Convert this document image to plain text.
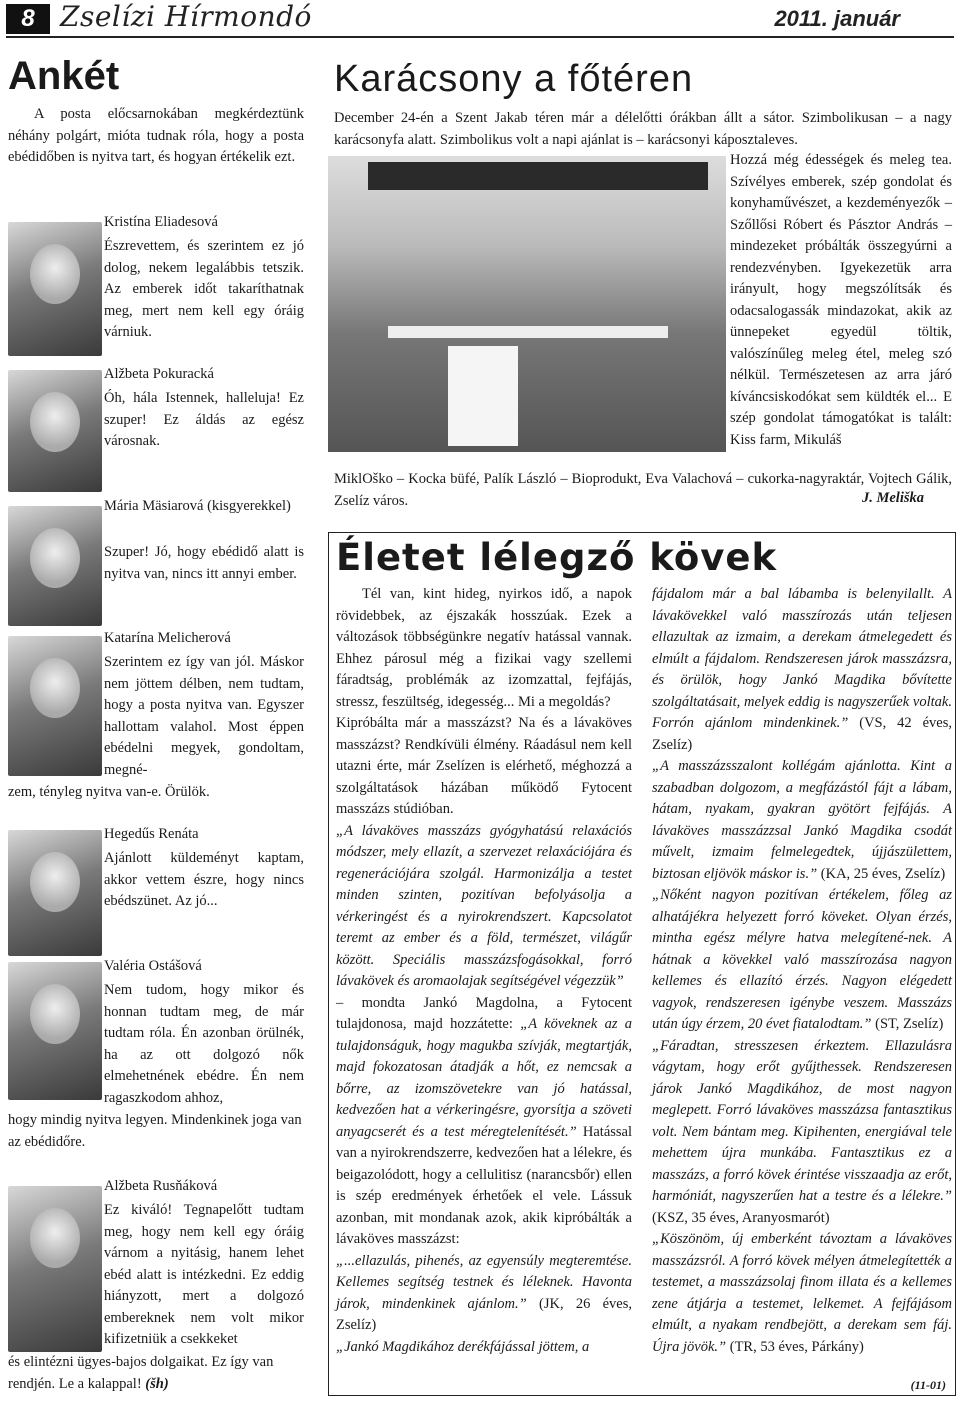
8 Zselízi Hírmondó	2011. január
Ankét
A posta előcsarnokában megkérdeztünk néhány polgárt, mióta tudnak róla, hogy a posta ebédidőben is nyitva tart, és hogyan értékelik ezt.
Kristína Eliadesová
Észrevettem, és szerintem ez jó dolog, nekem legalábbis tetszik. Az emberek időt takaríthatnak meg, mert nem kell egy óráig várniuk.
Alžbeta Pokuracká
Óh, hála Istennek, halleluja! Ez szuper! Ez áldás az egész városnak.
Mária Mäsiarová (kisgyerekkel)
Szuper! Jó, hogy ebédidő alatt is nyitva van, nincs itt annyi ember.
Katarína Melicherová
Szerintem ez így van jól. Máskor nem jöttem délben, nem tudtam, hogy a posta nyitva van. Egyszer hallottam valahol. Most éppen ebédelni megyek, gondoltam, megné-
zem, tényleg nyitva van-e. Örülök.
Hegedűs Renáta
Ajánlott küldeményt kaptam, akkor vettem észre, hogy nincs ebédszünet. Az jó...
Valéria Ostášová
Nem tudom, hogy mikor és honnan tudtam meg, de már tudtam róla. Én azonban örülnék, ha az ott dolgozó nők elmehetnének ebédre. Én nem ragaszkodom ahhoz,
hogy mindig nyitva legyen. Mindenkinek joga van az ebédidőre.
Alžbeta Rusňáková
Ez kiváló! Tegnapelőtt tudtam meg, hogy nem kell egy óráig várnom a nyitásig, hanem lehet ebéd alatt is intézkedni. Ez eddig hiányzott, mert a dolgozó embereknek nem volt mikor kifizetniük a csekkeket
és elintézni ügyes-bajos dolgaikat. Ez így van rendjén. Le a kalappal! (šh)
Karácsony a főtéren
December 24-én a Szent Jakab téren már a délelőtti órákban állt a sátor. Szimbolikusan – a nagy karácsonyfa alatt. Szimbolikus volt a napi ajánlat is – karácsonyi káposztaleves.
Hozzá még édességek és meleg tea. Szívélyes emberek, szép gondolat és konyhaművészet, a kezdeményezők – Szőllősi Róbert és Pásztor András – mindezeket próbálták összegyúrni a rendezvényben. Igyekezetük arra irányult, hogy megszólítsák és odacsalogassák mindazokat, akik az ünnepeket egyedül töltik, valószínűleg meleg étel, meleg szó nélkül. Természetesen az arra járó kíváncsiskodókat sem küldték el... E szép gondolat támogatókat is talált: Kiss farm, Mikuláš
MiklOško – Kocka büfé, Palík László – Bioprodukt, Eva Valachová – cukorka-nagyraktár, Vojtech Gálik, Zselíz város.	J. Meliška
Életet lélegző kövek

Tél van, kint hideg, nyirkos idő, a napok rövidebbek, az éjszakák hosszúak. Ezek a változások többségünkre negatív hatással vannak. Ehhez párosul még a fizikai vagy szellemi fáradtság, problémák az izomzattal, fejfájás, stressz, feszültség, idegesség... Mi a megoldás?

Kipróbálta már a masszázst? Na és a lávaköves masszázst? Rendkívüli élmény. Ráadásul nem kell utazni érte, már Zselízen is elérhető, méghozzá a szolgáltatások házában működő Fytocent masszázs stúdióban.

„A lávaköves masszázs gyógyhatású relaxációs módszer, mely ellazít, a szervezet relaxációjára és regenerációjára szolgál. Harmonizálja a testet minden szinten, pozitívan befolyásolja a vérkeringést és a nyirokrendszert. Kapcsolatot teremt az ember és a föld, természet, világűr között. Speciális masszázsfogásokkal, forró lávakövek és aromaolajak segítségével végezzük”

– mondta Jankó Magdolna, a Fytocent tulajdonosa, majd hozzátette: „A köveknek az a tulajdonságuk, hogy magukba szívják, megtartják, majd fokozatosan átadják a hőt, ez nemcsak a bőrre, az izomszövetekre van jó hatással, kedvezően hat a vérkeringésre, gyorsítja a szöveti anyagcserét és a test méregtelenítését.” Hatással van a nyirokrendszerre, kedvezően hat a lélekre, és beigazolódott, hogy a cellulitisz (narancsbőr) ellen is szép eredmények érhetőek el vele. Lássuk azonban, mit mondanak azok, akik kipróbálták a lávaköves masszázst:

„...ellazulás, pihenés, az egyensúly megteremtése. Kellemes segítség testnek és léleknek. Havonta járok, mindenkinek ajánlom.” (JK, 26 éves, Zselíz)

„Jankó Magdikához derékfájással jöttem, a

fájdalom már a bal lábamba is belenyilallt. A lávakövekkel való masszírozás után teljesen ellazultak az izmaim, a derekam átmelegedett és elmúlt a fájdalom. Rendszeresen járok masszázsra, és örülök, hogy Jankó Magdika bővítette szolgáltatásait, melyek eddig is nagyszerűek voltak. Forrón ajánlom mindenkinek.” (VS, 42 éves, Zselíz)

„A masszázsszalont kollégám ajánlotta. Kint a szabadban dolgozom, a megfázástól fájt a lábam, hátam, nyakam, gyakran gyötört fejfájás. A lávaköves masszázzsal Jankó Magdika csodát művelt, izmaim felmelegedtek, újjászülettem, biztosan eljövök máskor is.” (KA, 25 éves, Zselíz)

„Nőként nagyon pozitívan értékelem, főleg az alhatájékra helyezett forró köveket. Olyan érzés, mintha egész mélyre hatva melegítené-nek. A hátnak a kövekkel való masszírozása nagyon kellemes és ellazító érzés. Nagyon elégedett vagyok, rendszeresen igénybe veszem. Masszázs után úgy érzem, 20 évet fiatalodtam.” (ST, Zselíz)

„Fáradtan, stresszesen érkeztem. Ellazulásra vágytam, hogy erőt gyűjthessek. Rendszeresen járok Jankó Magdikához, de most nagyon meglepett. Forró lávaköves masszázsa fantasztikus volt. Nem bántam meg. Kipihenten, energiával tele mehettem újra munkába. Fantasztikus ez a masszázs, a forró kövek érintése visszaadja az erőt, harmóniát, nagyszerűen hat a testre és a lélekre.” (KSZ, 35 éves, Aranyosmarót)

„Köszönöm, új emberként távoztam a lávaköves masszázsról. A forró kövek mélyen átmelegítették a testemet, a masszázsolaj finom illata és a kellemes zene átjárja a testemet, lelkemet. A fejfájásom elmúlt, a nyakam rendbejött, a derekam sem fáj. Újra jövök.” (TR, 53 éves, Párkány)

(11-01)
